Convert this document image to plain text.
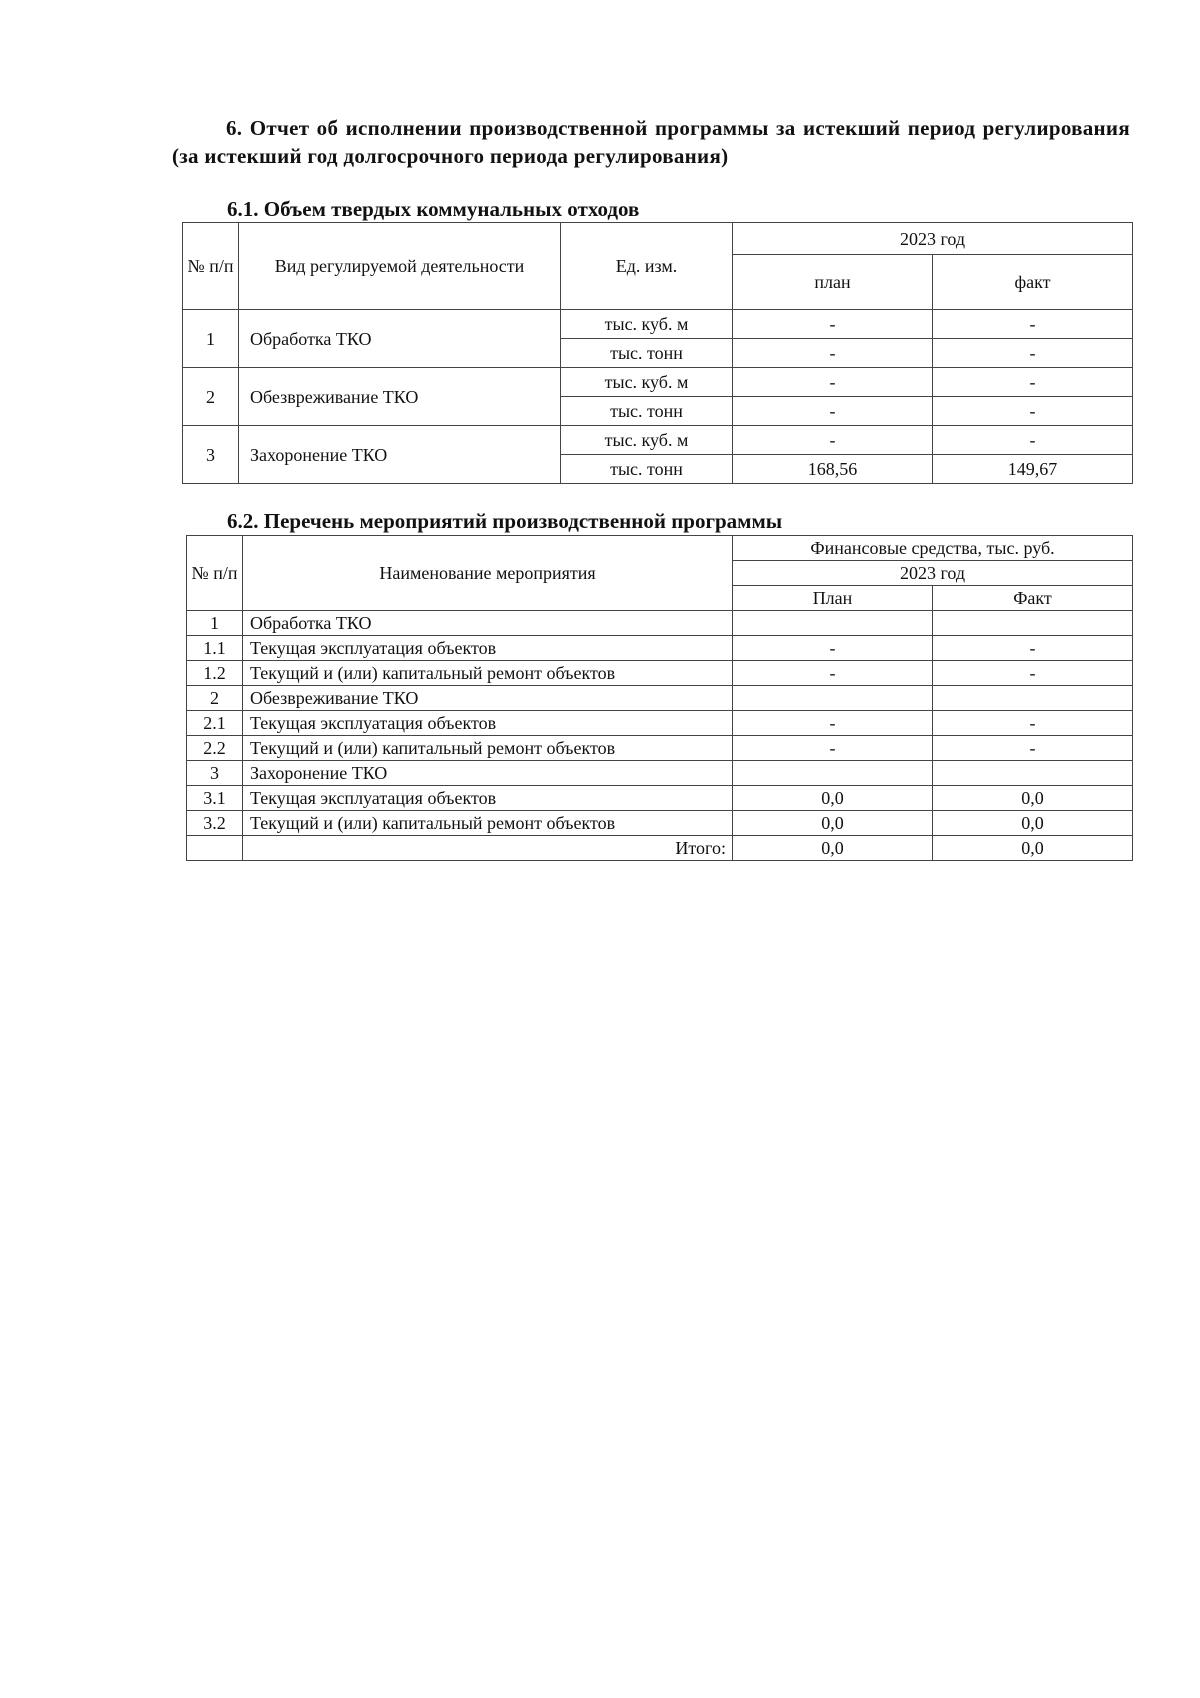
6. Отчет об исполнении производственной программы за истекший период регулирования (за истекший год долгосрочного периода регулирования)
6.1. Объем твердых коммунальных отходов
№ п/п	Вид регулируемой деятельности	Ед. изм.	2023 год	
			план	факт
1	Обработка ТКО	тыс. куб. м	-	-
		тыс. тонн	-	-
2	Обезвреживание ТКО	тыс. куб. м	-	-
		тыс. тонн	-	-
3	Захоронение ТКО	тыс. куб. м	-	-
		тыс. тонн	168,56	149,67
6.2. Перечень мероприятий производственной программы
№ п/п	Наименование мероприятия	Финансовые средства, тыс. руб.	
		2023 год	
		План	Факт
1	Обработка ТКО		
1.1	Текущая эксплуатация объектов	-	-
1.2	Текущий и (или) капитальный ремонт объектов	-	-
2	Обезвреживание ТКО		
2.1	Текущая эксплуатация объектов	-	-
2.2	Текущий и (или) капитальный ремонт объектов	-	-
3	Захоронение ТКО		
3.1	Текущая эксплуатация объектов	0,0	0,0
3.2	Текущий и (или) капитальный ремонт объектов	0,0	0,0
	Итого:	0,0	0,0
